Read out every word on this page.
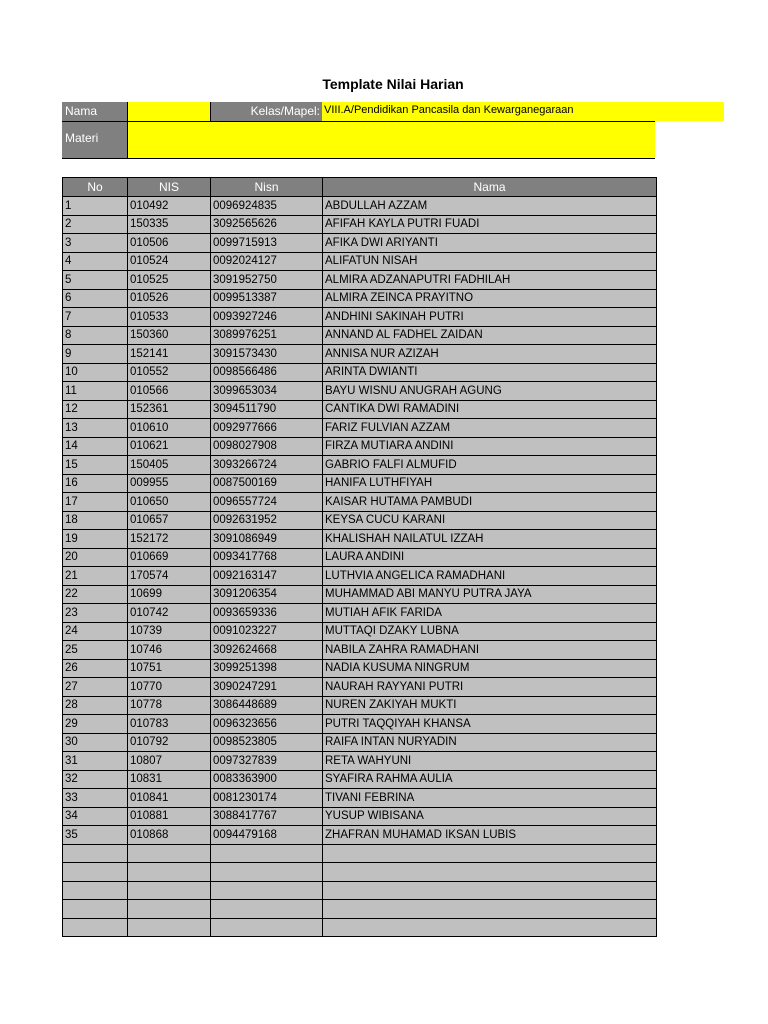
Template Nilai Harian
Nama	Kelas/Mapel: VIII.A/Pendidikan Pancasila dan Kewarganegaraan
Materi
No	NIS	Nisn	Nama
1	010492	0096924835	ABDULLAH AZZAM
2	150335	3092565626	AFIFAH KAYLA PUTRI FUADI
3	010506	0099715913	AFIKA DWI ARIYANTI
4	010524	0092024127	ALIFATUN NISAH
5	010525	3091952750	ALMIRA ADZANAPUTRI FADHILAH
6	010526	0099513387	ALMIRA ZEINCA PRAYITNO
7	010533	0093927246	ANDHINI SAKINAH PUTRI
8	150360	3089976251	ANNAND AL FADHEL ZAIDAN
9	152141	3091573430	ANNISA NUR AZIZAH
10	010552	0098566486	ARINTA DWIANTI
11	010566	3099653034	BAYU WISNU ANUGRAH AGUNG
12	152361	3094511790	CANTIKA DWI RAMADINI
13	010610	0092977666	FARIZ FULVIAN AZZAM
14	010621	0098027908	FIRZA MUTIARA ANDINI
15	150405	3093266724	GABRIO FALFI ALMUFID
16	009955	0087500169	HANIFA LUTHFIYAH
17	010650	0096557724	KAISAR HUTAMA PAMBUDI
18	010657	0092631952	KEYSA CUCU KARANI
19	152172	3091086949	KHALISHAH NAILATUL IZZAH
20	010669	0093417768	LAURA ANDINI
21	170574	0092163147	LUTHVIA ANGELICA RAMADHANI
22	10699	3091206354	MUHAMMAD ABI MANYU PUTRA JAYA
23	010742	0093659336	MUTIAH AFIK FARIDA
24	10739	0091023227	MUTTAQI DZAKY LUBNA
25	10746	3092624668	NABILA ZAHRA RAMADHANI
26	10751	3099251398	NADIA KUSUMA NINGRUM
27	10770	3090247291	NAURAH RAYYANI PUTRI
28	10778	3086448689	NUREN ZAKIYAH MUKTI
29	010783	0096323656	PUTRI TAQQIYAH KHANSA
30	010792	0098523805	RAIFA INTAN NURYADIN
31	10807	0097327839	RETA WAHYUNI
32	10831	0083363900	SYAFIRA RAHMA AULIA
33	010841	0081230174	TIVANI FEBRINA
34	010881	3088417767	YUSUP WIBISANA
35	010868	0094479168	ZHAFRAN MUHAMAD IKSAN LUBIS
